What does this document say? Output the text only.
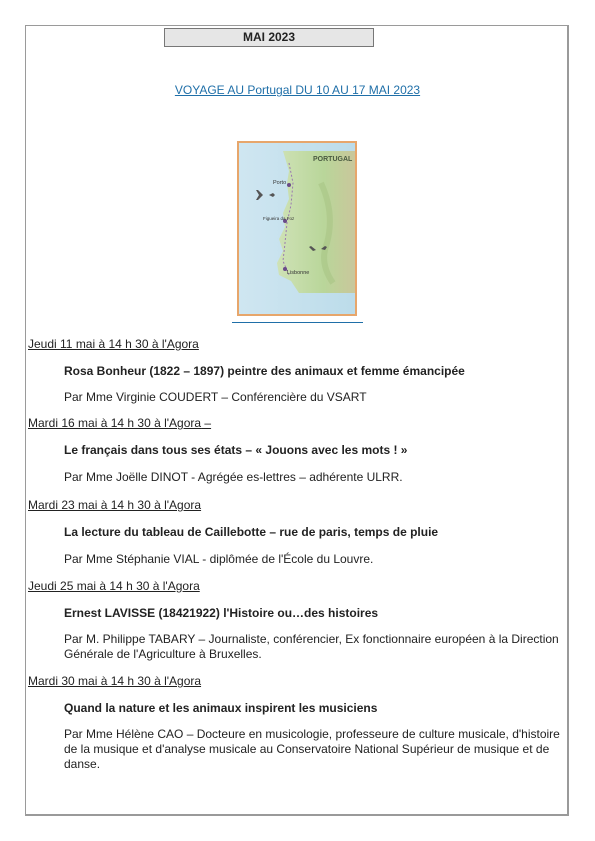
MAI 2023
VOYAGE AU Portugal DU 10 AU 17 MAI 2023
PORTUGAL
Porto
Figueira da Foz
Lisbonne
Jeudi 11 mai à 14 h 30 à l'Agora
Rosa Bonheur (1822 – 1897) peintre des animaux et femme émancipée
Par Mme Virginie COUDERT – Conférencière du VSART
Mardi 16 mai à 14 h 30 à l'Agora –
Le français dans tous ses états – « Jouons avec les mots ! »
Par Mme Joëlle DINOT - Agrégée es-lettres – adhérente ULRR.
Mardi 23 mai à 14 h 30 à l'Agora
La lecture du tableau de Caillebotte – rue de paris, temps de pluie
Par Mme Stéphanie VIAL - diplômée de l'École du Louvre.
Jeudi 25 mai à 14 h 30 à l'Agora
Ernest LAVISSE (18421922) l'Histoire ou…des histoires
Par M. Philippe TABARY – Journaliste, conférencier, Ex fonctionnaire européen à la Direction Générale de l'Agriculture à Bruxelles.
Mardi 30 mai à 14 h 30 à l'Agora
Quand la nature et les animaux inspirent les musiciens
Par Mme Hélène CAO – Docteure en musicologie, professeure de culture musicale, d'histoire de la musique et d'analyse musicale au Conservatoire National Supérieur de musique et de danse.
